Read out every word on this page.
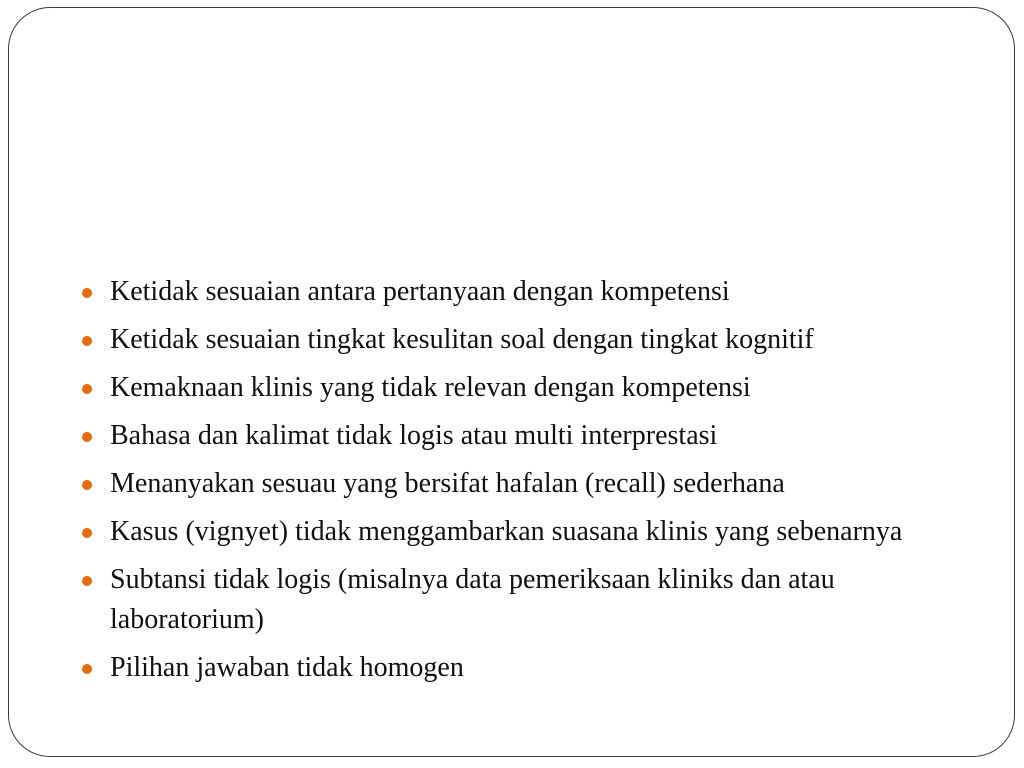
Ketidak sesuaian antara pertanyaan dengan kompetensi
Ketidak sesuaian tingkat kesulitan soal dengan tingkat kognitif
Kemaknaan klinis yang tidak relevan dengan kompetensi
Bahasa dan kalimat tidak logis atau multi interprestasi
Menanyakan sesuau yang bersifat hafalan (recall) sederhana
Kasus (vignyet) tidak menggambarkan suasana klinis yang sebenarnya
Subtansi tidak logis (misalnya data pemeriksaan kliniks dan atau laboratorium)
Pilihan jawaban tidak homogen
